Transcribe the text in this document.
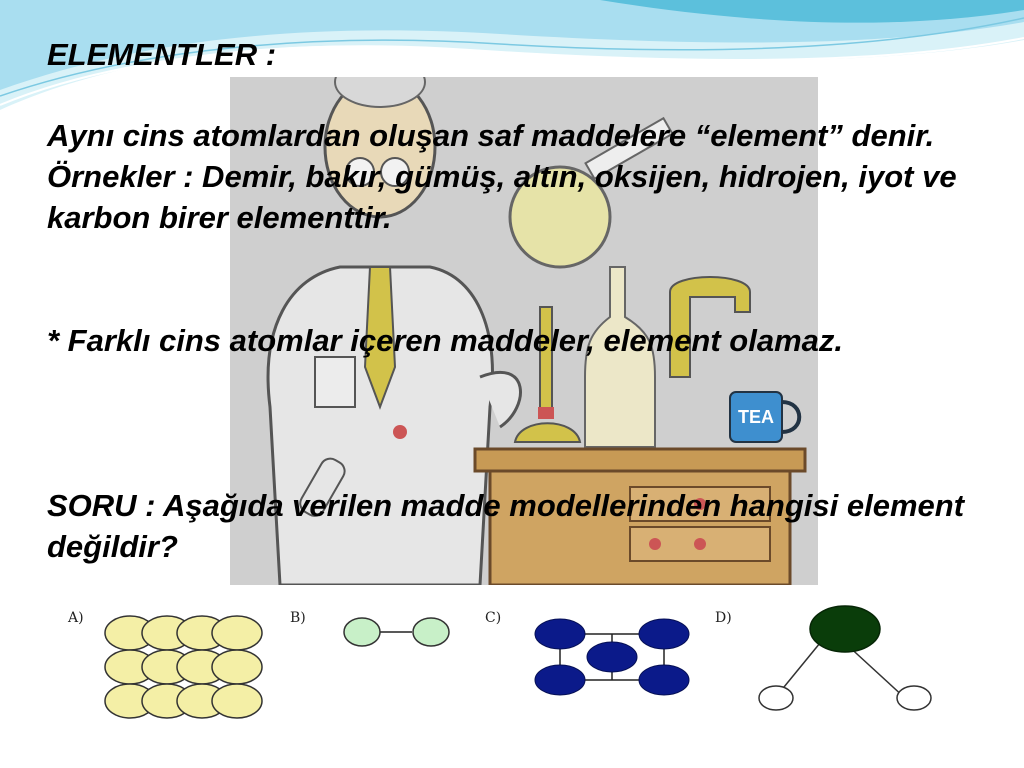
TEA

ELEMENTLER :

Aynı cins atomlardan oluşan saf maddelere “element” denir.
Örnekler : Demir, bakır, gümüş, altın, oksijen, hidrojen, iyot ve karbon birer elementtir.

* Farklı cins atomlar içeren maddeler, element olamaz.

SORU : Aşağıda verilen madde modellerinden hangisi element değildir?

A)	B)	C)	D)
